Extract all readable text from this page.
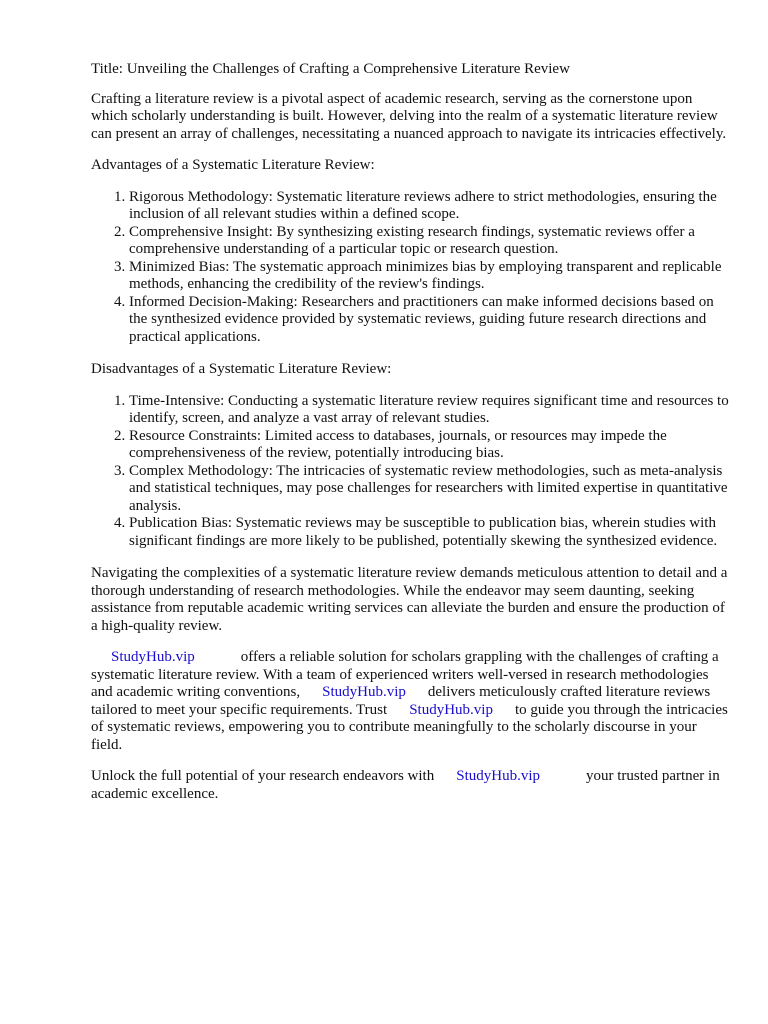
Title: Unveiling the Challenges of Crafting a Comprehensive Literature Review

Crafting a literature review is a pivotal aspect of academic research, serving as the cornerstone upon which scholarly understanding is built. However, delving into the realm of a systematic literature review can present an array of challenges, necessitating a nuanced approach to navigate its intricacies effectively.

Advantages of a Systematic Literature Review:

1. Rigorous Methodology: Systematic literature reviews adhere to strict methodologies, ensuring the inclusion of all relevant studies within a defined scope.
2. Comprehensive Insight: By synthesizing existing research findings, systematic reviews offer a comprehensive understanding of a particular topic or research question.
3. Minimized Bias: The systematic approach minimizes bias by employing transparent and replicable methods, enhancing the credibility of the review's findings.
4. Informed Decision-Making: Researchers and practitioners can make informed decisions based on the synthesized evidence provided by systematic reviews, guiding future research directions and practical applications.

Disadvantages of a Systematic Literature Review:

1. Time-Intensive: Conducting a systematic literature review requires significant time and resources to identify, screen, and analyze a vast array of relevant studies.
2. Resource Constraints: Limited access to databases, journals, or resources may impede the comprehensiveness of the review, potentially introducing bias.
3. Complex Methodology: The intricacies of systematic review methodologies, such as meta-analysis and statistical techniques, may pose challenges for researchers with limited expertise in quantitative analysis.
4. Publication Bias: Systematic reviews may be susceptible to publication bias, wherein studies with significant findings are more likely to be published, potentially skewing the synthesized evidence.

Navigating the complexities of a systematic literature review demands meticulous attention to detail and a thorough understanding of research methodologies. While the endeavor may seem daunting, seeking assistance from reputable academic writing services can alleviate the burden and ensure the production of a high-quality review.

StudyHub.vip	offers a reliable solution for scholars grappling with the challenges of crafting a systematic literature review. With a team of experienced writers well-versed in research methodologies and academic writing conventions, StudyHub.vip delivers meticulously crafted literature reviews tailored to meet your specific requirements. Trust StudyHub.vip to guide you through the intricacies of systematic reviews, empowering you to contribute meaningfully to the scholarly discourse in your field.

Unlock the full potential of your research endeavors with StudyHub.vip	your trusted partner in academic excellence.
